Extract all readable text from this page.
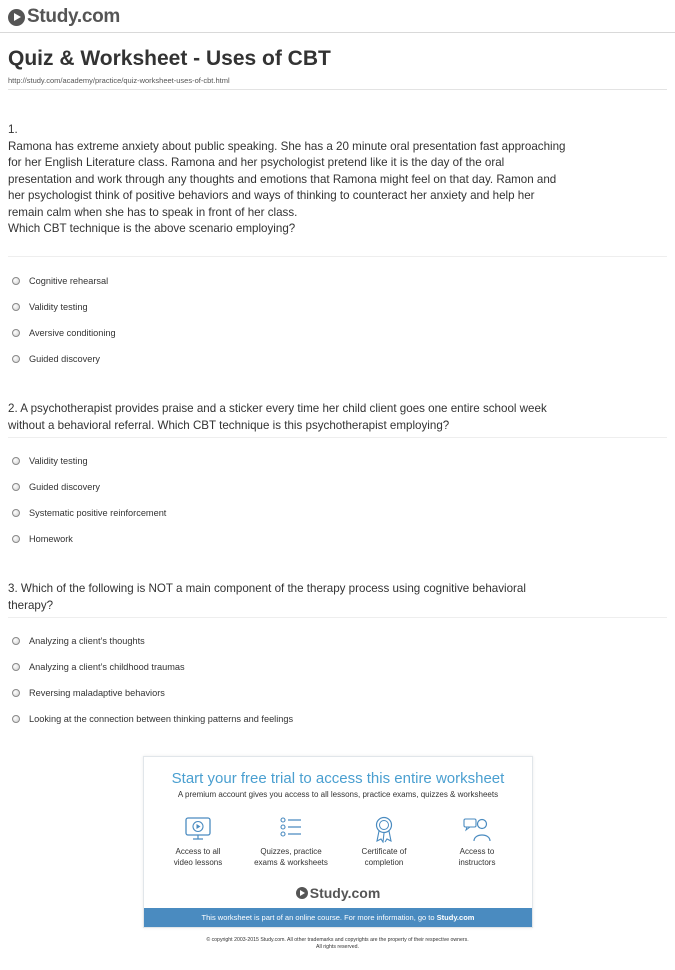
Study.com
Quiz & Worksheet - Uses of CBT
http://study.com/academy/practice/quiz-worksheet-uses-of-cbt.html

1.

Ramona has extreme anxiety about public speaking. She has a 20 minute oral presentation fast approaching for her English Literature class. Ramona and her psychologist pretend like it is the day of the oral presentation and work through any thoughts and emotions that Ramona might feel on that day. Ramon and her psychologist think of positive behaviors and ways of thinking to counteract her anxiety and help her remain calm when she has to speak in front of her class.

Which CBT technique is the above scenario employing?

Cognitive rehearsal
Validity testing
Aversive conditioning
Guided discovery

2. A psychotherapist provides praise and a sticker every time her child client goes one entire school week without a behavioral referral. Which CBT technique is this psychotherapist employing?

Validity testing
Guided discovery
Systematic positive reinforcement
Homework

3. Which of the following is NOT a main component of the therapy process using cognitive behavioral therapy?

Analyzing a client’s thoughts
Analyzing a client’s childhood traumas
Reversing maladaptive behaviors
Looking at the connection between thinking patterns and feelings
Start your free trial to access this entire worksheet
A premium account gives you access to all lessons, practice exams, quizzes & worksheets
Access to all
video lessons
Quizzes, practice
exams & worksheets
Certificate of
completion
Access to
instructors
Study.com
This worksheet is part of an online course. For more information, go to Study.com
© copyright 2003-2015 Study.com. All other trademarks and copyrights are the property of their respective owners.
All rights reserved.
